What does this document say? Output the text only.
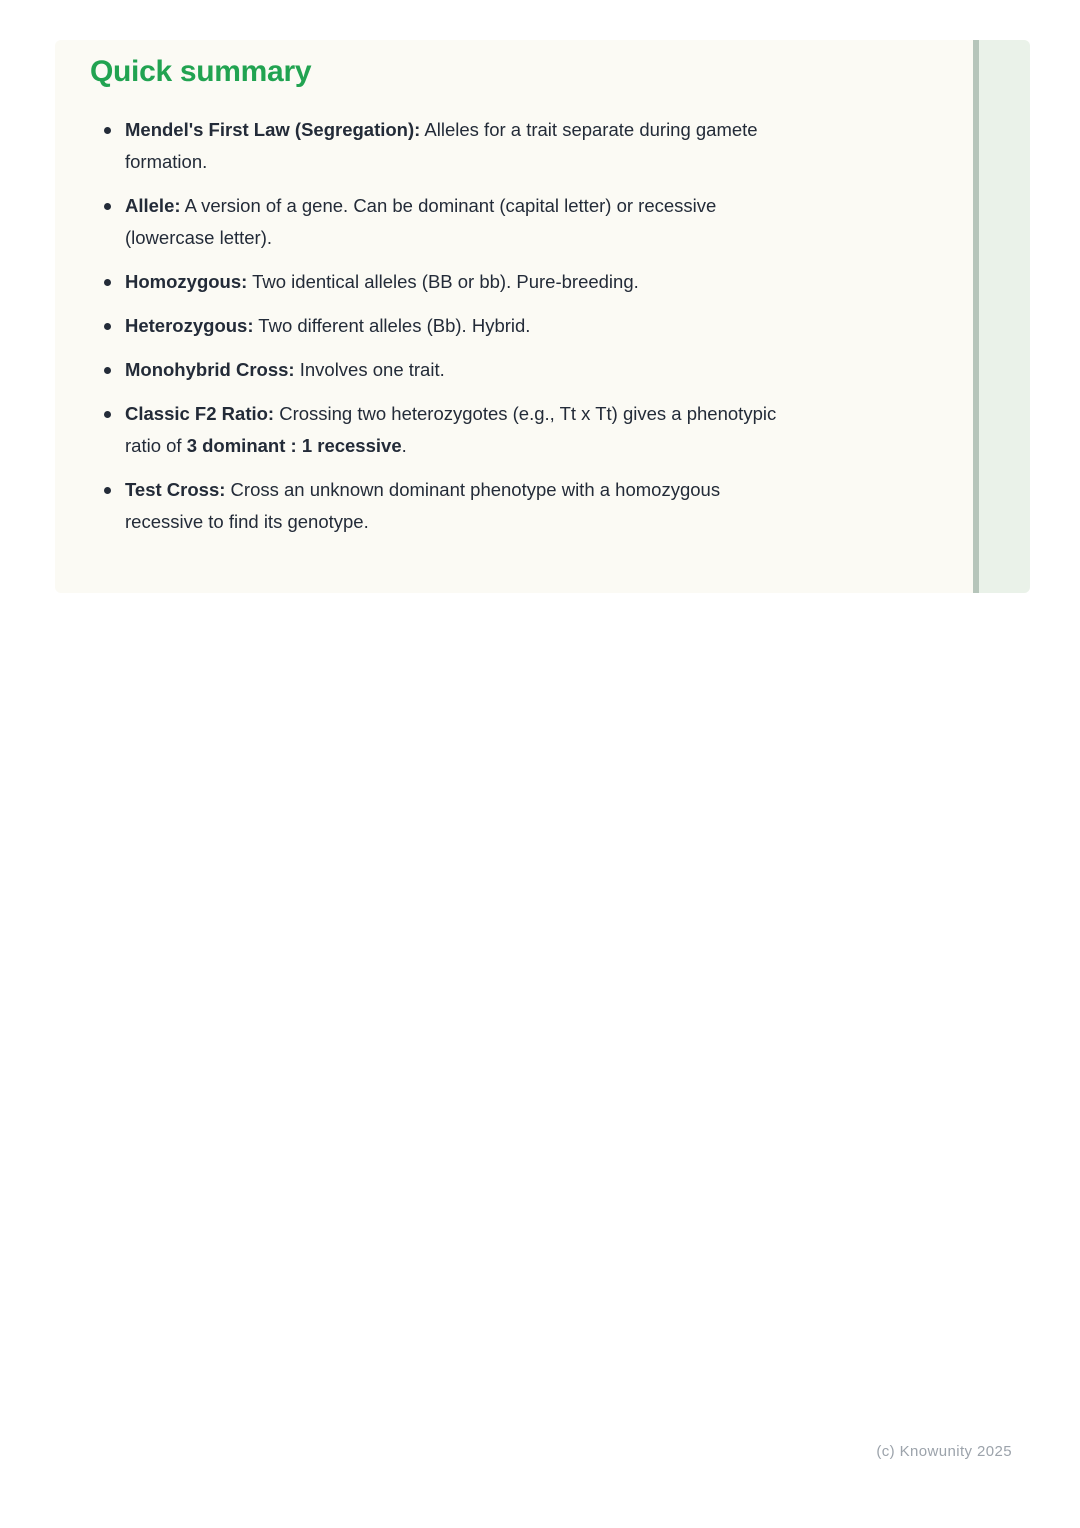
Quick summary

Mendel's First Law (Segregation): Alleles for a trait separate during gamete formation.

Allele: A version of a gene. Can be dominant (capital letter) or recessive (lowercase letter).

Homozygous: Two identical alleles (BB or bb). Pure-breeding.

Heterozygous: Two different alleles (Bb). Hybrid.

Monohybrid Cross: Involves one trait.

Classic F2 Ratio: Crossing two heterozygotes (e.g., Tt x Tt) gives a phenotypic ratio of 3 dominant : 1 recessive.

Test Cross: Cross an unknown dominant phenotype with a homozygous recessive to find its genotype.

(c) Knowunity 2025
